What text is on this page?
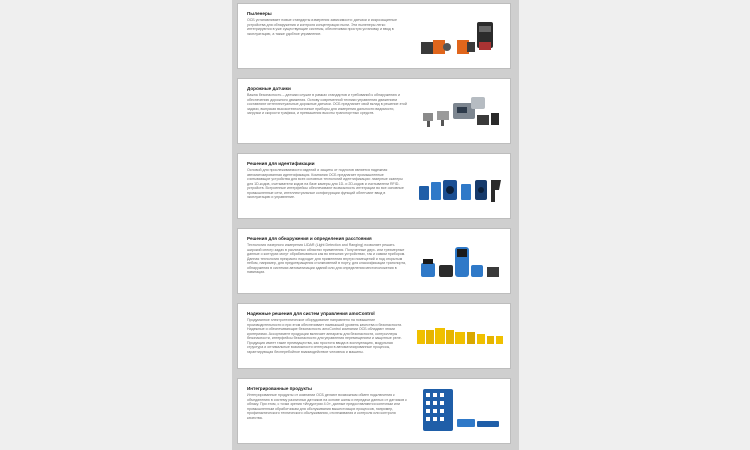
Пыленеры
ОСБ устанавливает новые стандарты измерения зависимости: датчики и искрозащитные устройства для обнаружения и контроля концентрации пыли. Эти пыленеры легко интегрируются в уже существующие системы, обеспечивая простую установку и ввод в эксплуатацию, а также удобное управление.
Дорожные датчики
Важна безопасность – датчики служат в рамках стандартов и требований к обнаружению и обеспечению дорожного движения. Основу современной техники управления движением составляют интеллектуальные дорожные датчики. ОСБ предлагает свой вклад в решение этой задачи, выпуская высокотехнологичные приборы для измерения дальности видимости, загрузки и скорости трафика, и превышения высоты транспортных средств.
Решения для идентификации
Основой для прослеживаемости изделий и защиты от подлогов является надежная автоматизированная идентификация. Компания ОСБ предлагает промышленные считывающие устройства для всех основных технологий идентификации: лазерные сканеры для 1D-кодов, считыватели кодов на базе камеры для 1D- и 2D-кодов и считыватели RFID-устройств. Встроенные интерфейсы обеспечивают возможность интеграции во все основные промышленные сети, интеллектуальные конфигурации функций облегчают ввод в эксплуатацию и управление.
Решения для обнаружения и определения расстояния
Технология лазерного измерения LIDAR (Light Detection and Ranging) позволяет решать широкий спектр задач в различных областях применения. Полученные двух- или трехмерные данные о контурах могут обрабатываться как во внешних устройствах, так и самим прибором. Данная технология прекрасно подходит для применения внутри помещений и под открытым небом, например, для предотвращения столкновений в порту, для классификации транспорта, обнаружения в системах автоматизации зданий или для определения местоположения в навигации.
Надежные решения для систем управления amoControl
Продуманное электротехническое оборудование направлено на повышение производительности и при этом обеспечивает наивысший уровень качества и безопасности. Надежные и обеспечивающие безопасность amoControl компании ОСБ обладают этими критериями. Ассортимент продукции включает аппараты для безопасности, контроллеры безопасности, интерфейсы безопасности для управления перемещением и защитные реле. Продукция имеет такие преимущества, как простота ввода в эксплуатацию, модульная структура и оптимальные возможности интеграции в автоматизированные процессы, гарантирующая бесперебойное взаимодействие человека и машины.
Интегрированные продукты
Интегрированные продукты от компании ОСБ делают возможным обмен подключения к объединению в систему различных датчиков на основе шины и передачи данных от датчиков к облаку. При этом, с точки зрения «Индустрии 4.0», данные предоставляются конечным или промышленным обработчикам для обслуживания вышестоящих процессов, например, профилактического технического обслуживания, отслеживания и контроля или контроля качества.
